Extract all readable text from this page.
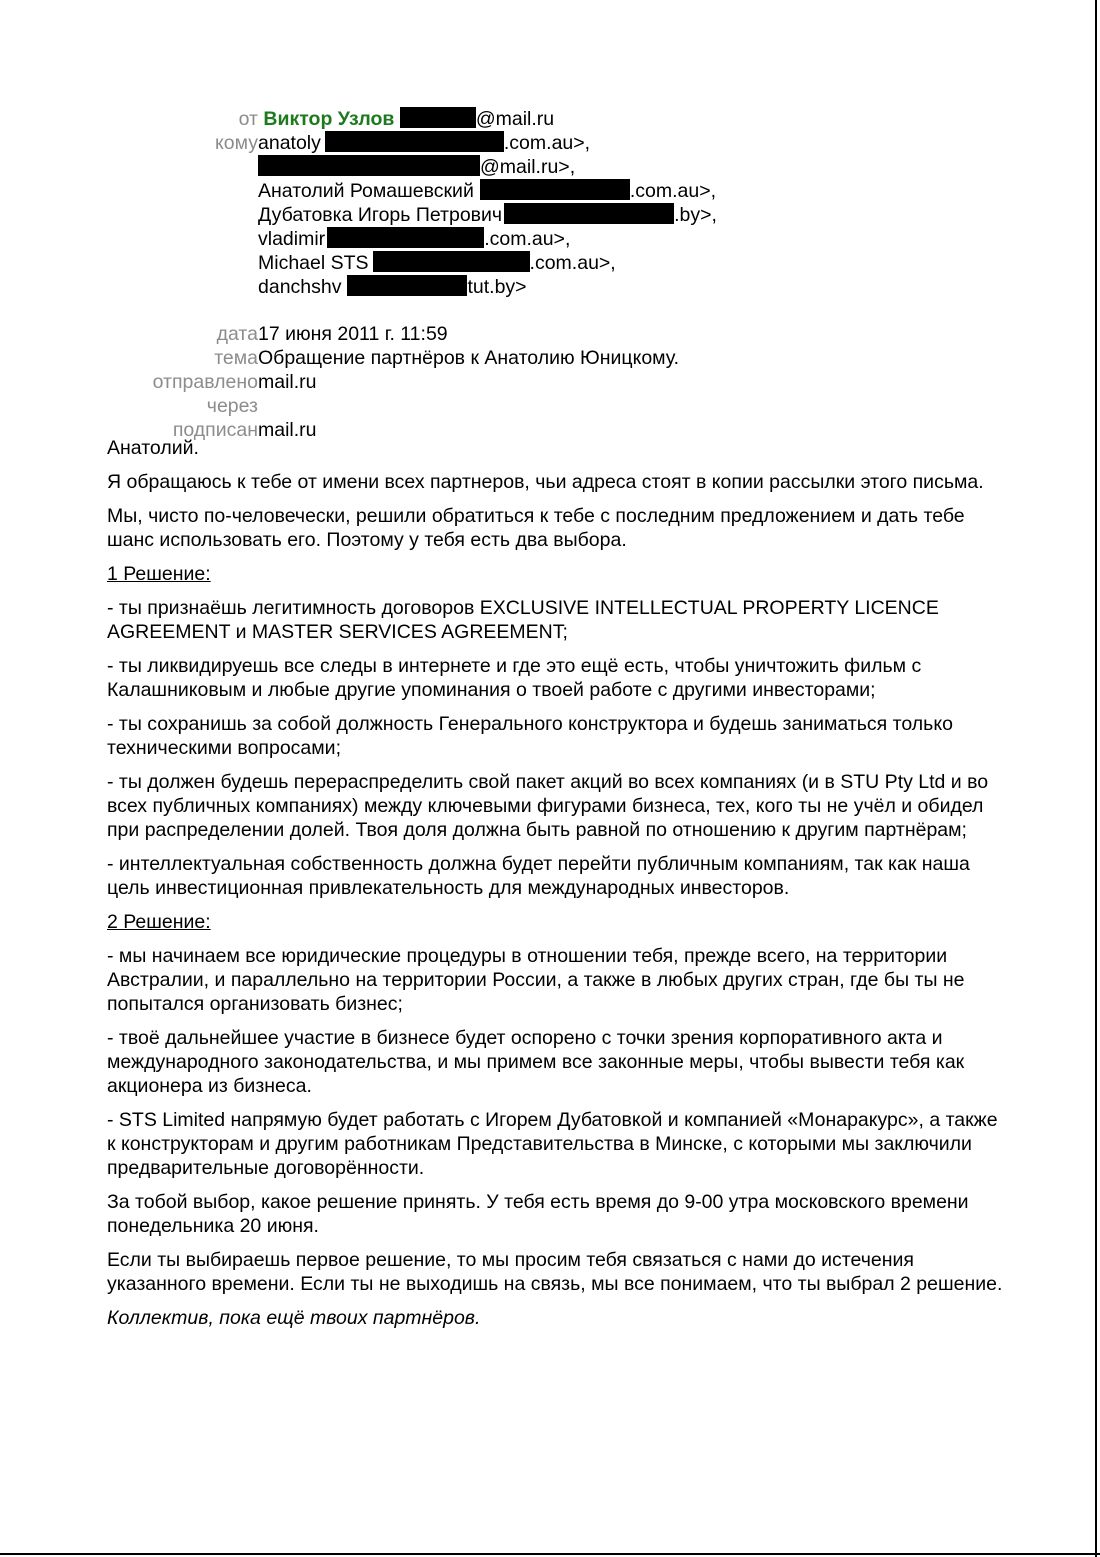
от Виктор Узлов	@mail.ru
кому anatoly	.com.au>,
@mail.ru>,
Анатолий Ромашевский	.com.au>,
Дубатовка Игорь Петрович	.by>,
vladimir	.com.au>,
Michael STS	.com.au>,
danchshv	tut.by>
дата 17 июня 2011 г. 11:59
тема Обращение партнёров к Анатолию Юницкому.
отправлено mail.ru
через
подписан mail.ru

Анатолий.

Я обращаюсь к тебе от имени всех партнеров, чьи адреса стоят в копии рассылки этого письма.

Мы, чисто по-человечески, решили обратиться к тебе с последним предложением и дать тебе шанс использовать его. Поэтому у тебя есть два выбора.

1 Решение:

- ты признаёшь легитимность договоров EXCLUSIVE INTELLECTUAL PROPERTY LICENCE AGREEMENT и MASTER SERVICES AGREEMENT;

- ты ликвидируешь все следы в интернете и где это ещё есть, чтобы уничтожить фильм с Калашниковым и любые другие упоминания о твоей работе с другими инвесторами;

- ты сохранишь за собой должность Генерального конструктора и будешь заниматься только техническими вопросами;

- ты должен будешь перераспределить свой пакет акций во всех компаниях (и в STU Pty Ltd и во всех публичных компаниях) между ключевыми фигурами бизнеса, тех, кого ты не учёл и обидел при распределении долей. Твоя доля должна быть равной по отношению к другим партнёрам;

- интеллектуальная собственность должна будет перейти публичным компаниям, так как наша цель инвестиционная привлекательность для международных инвесторов.

2 Решение:

- мы начинаем все юридические процедуры в отношении тебя, прежде всего, на территории Австралии, и параллельно на территории России, а также в любых других стран, где бы ты не попытался организовать бизнес;

- твоё дальнейшее участие в бизнесе будет оспорено с точки зрения корпоративного акта и международного законодательства, и мы примем все законные меры, чтобы вывести тебя как акционера из бизнеса.

- STS Limited напрямую будет работать с Игорем Дубатовкой и компанией «Монаракурс», а также к конструкторам и другим работникам Представительства в Минске, с которыми мы заключили предварительные договорённости.

За тобой выбор, какое решение принять. У тебя есть время до 9-00 утра московского времени понедельника 20 июня.

Если ты выбираешь первое решение, то мы просим тебя связаться с нами до истечения указанного времени. Если ты не выходишь на связь, мы все понимаем, что ты выбрал 2 решение.

Коллектив, пока ещё твоих партнёров.
